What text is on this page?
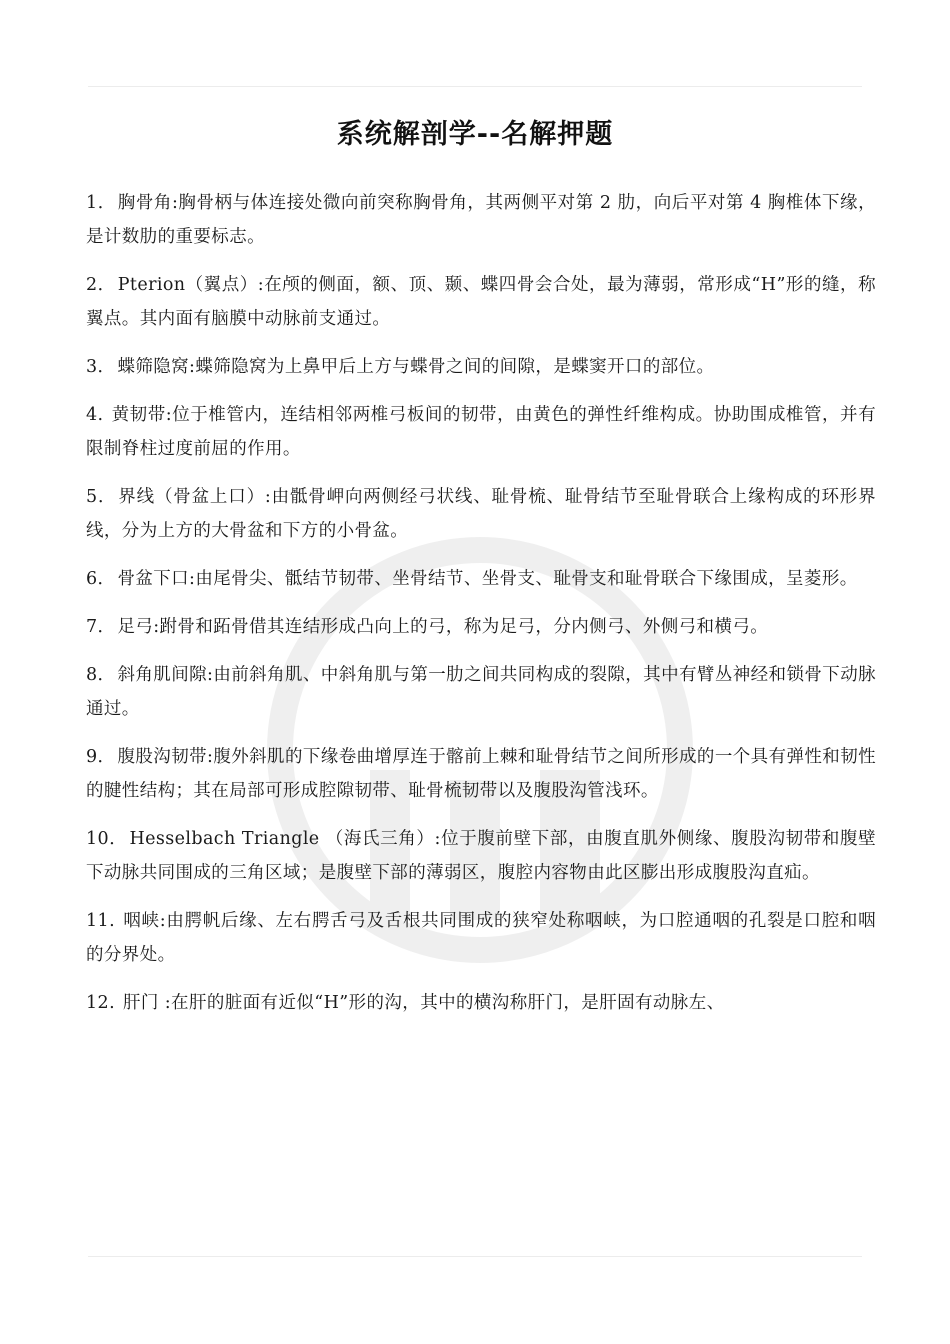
系统解剖学--名解押题

1． 胸骨角:胸骨柄与体连接处微向前突称胸骨角，其两侧平对第 2 肋，向后平对第 4 胸椎体下缘，是计数肋的重要标志。

2． Pterion（翼点）:在颅的侧面，额、顶、颞、蝶四骨会合处，最为薄弱，常形成“H”形的缝，称翼点。其内面有脑膜中动脉前支通过。

3． 蝶筛隐窝:蝶筛隐窝为上鼻甲后上方与蝶骨之间的间隙，是蝶窦开口的部位。

4. 黄韧带:位于椎管内，连结相邻两椎弓板间的韧带，由黄色的弹性纤维构成。协助围成椎管，并有限制脊柱过度前屈的作用。

5． 界线（骨盆上口）:由骶骨岬向两侧经弓状线、耻骨梳、耻骨结节至耻骨联合上缘构成的环形界线，分为上方的大骨盆和下方的小骨盆。

6． 骨盆下口:由尾骨尖、骶结节韧带、坐骨结节、坐骨支、耻骨支和耻骨联合下缘围成，呈菱形。

7． 足弓:跗骨和跖骨借其连结形成凸向上的弓，称为足弓，分内侧弓、外侧弓和横弓。

8． 斜角肌间隙:由前斜角肌、中斜角肌与第一肋之间共同构成的裂隙，其中有臂丛神经和锁骨下动脉通过。

9． 腹股沟韧带:腹外斜肌的下缘卷曲增厚连于髂前上棘和耻骨结节之间所形成的一个具有弹性和韧性的腱性结构；其在局部可形成腔隙韧带、耻骨梳韧带以及腹股沟管浅环。

10． Hesselbach Triangle （海氏三角）:位于腹前壁下部，由腹直肌外侧缘、腹股沟韧带和腹壁下动脉共同围成的三角区域；是腹壁下部的薄弱区，腹腔内容物由此区膨出形成腹股沟直疝。

11. 咽峡:由腭帆后缘、左右腭舌弓及舌根共同围成的狭窄处称咽峡，为口腔通咽的孔裂是口腔和咽的分界处。

12. 肝门 :在肝的脏面有近似“H”形的沟，其中的横沟称肝门，是肝固有动脉左、
